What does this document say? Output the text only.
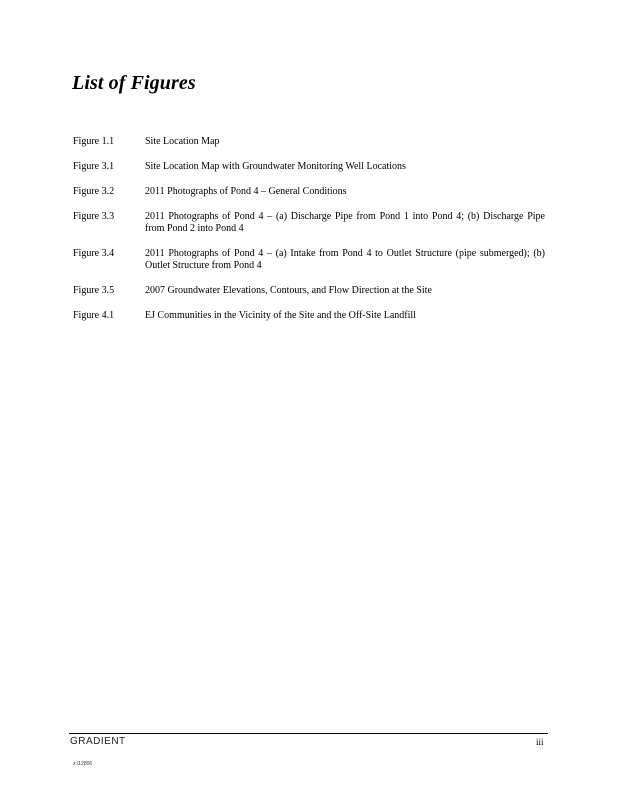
List of Figures
Figure 1.1	Site Location Map
Figure 3.1	Site Location Map with Groundwater Monitoring Well Locations
Figure 3.2	2011 Photographs of Pond 4 – General Conditions
Figure 3.3	2011 Photographs of Pond 4 – (a) Discharge Pipe from Pond 1 into Pond 4; (b) Discharge Pipe from Pond 2 into Pond 4
Figure 3.4	2011 Photographs of Pond 4 – (a) Intake from Pond 4 to Outlet Structure (pipe submerged); (b) Outlet Structure from Pond 4
Figure 3.5	2007 Groundwater Elevations, Contours, and Flow Direction at the Site
Figure 4.1	EJ Communities in the Vicinity of the Site and the Off-Site Landfill
GRADIENT	iii
x:\12806
